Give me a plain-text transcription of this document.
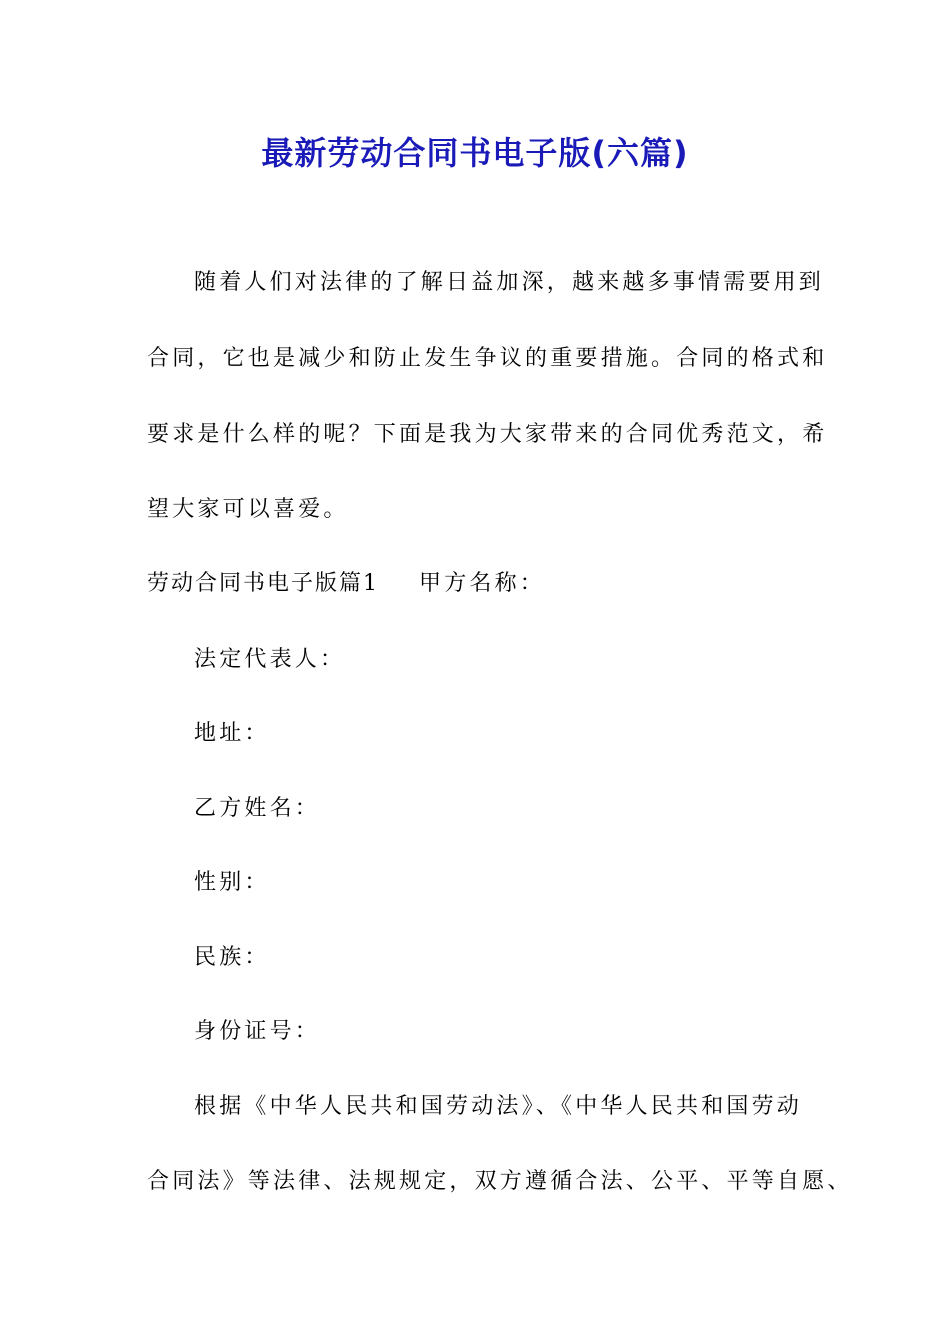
最新劳动合同书电子版(六篇)
随着人们对法律的了解日益加深，越来越多事情需要用到
合同，它也是减少和防止发生争议的重要措施。合同的格式和
要求是什么样的呢？下面是我为大家带来的合同优秀范文，希
望大家可以喜爱。
劳动合同书电子版篇1 甲方名称：
法定代表人：
地址：
乙方姓名：
性别：
民族：
身份证号：
根据《中华人民共和国劳动法》、《中华人民共和国劳动
合同法》等法律、法规规定，双方遵循合法、公平、平等自愿、
